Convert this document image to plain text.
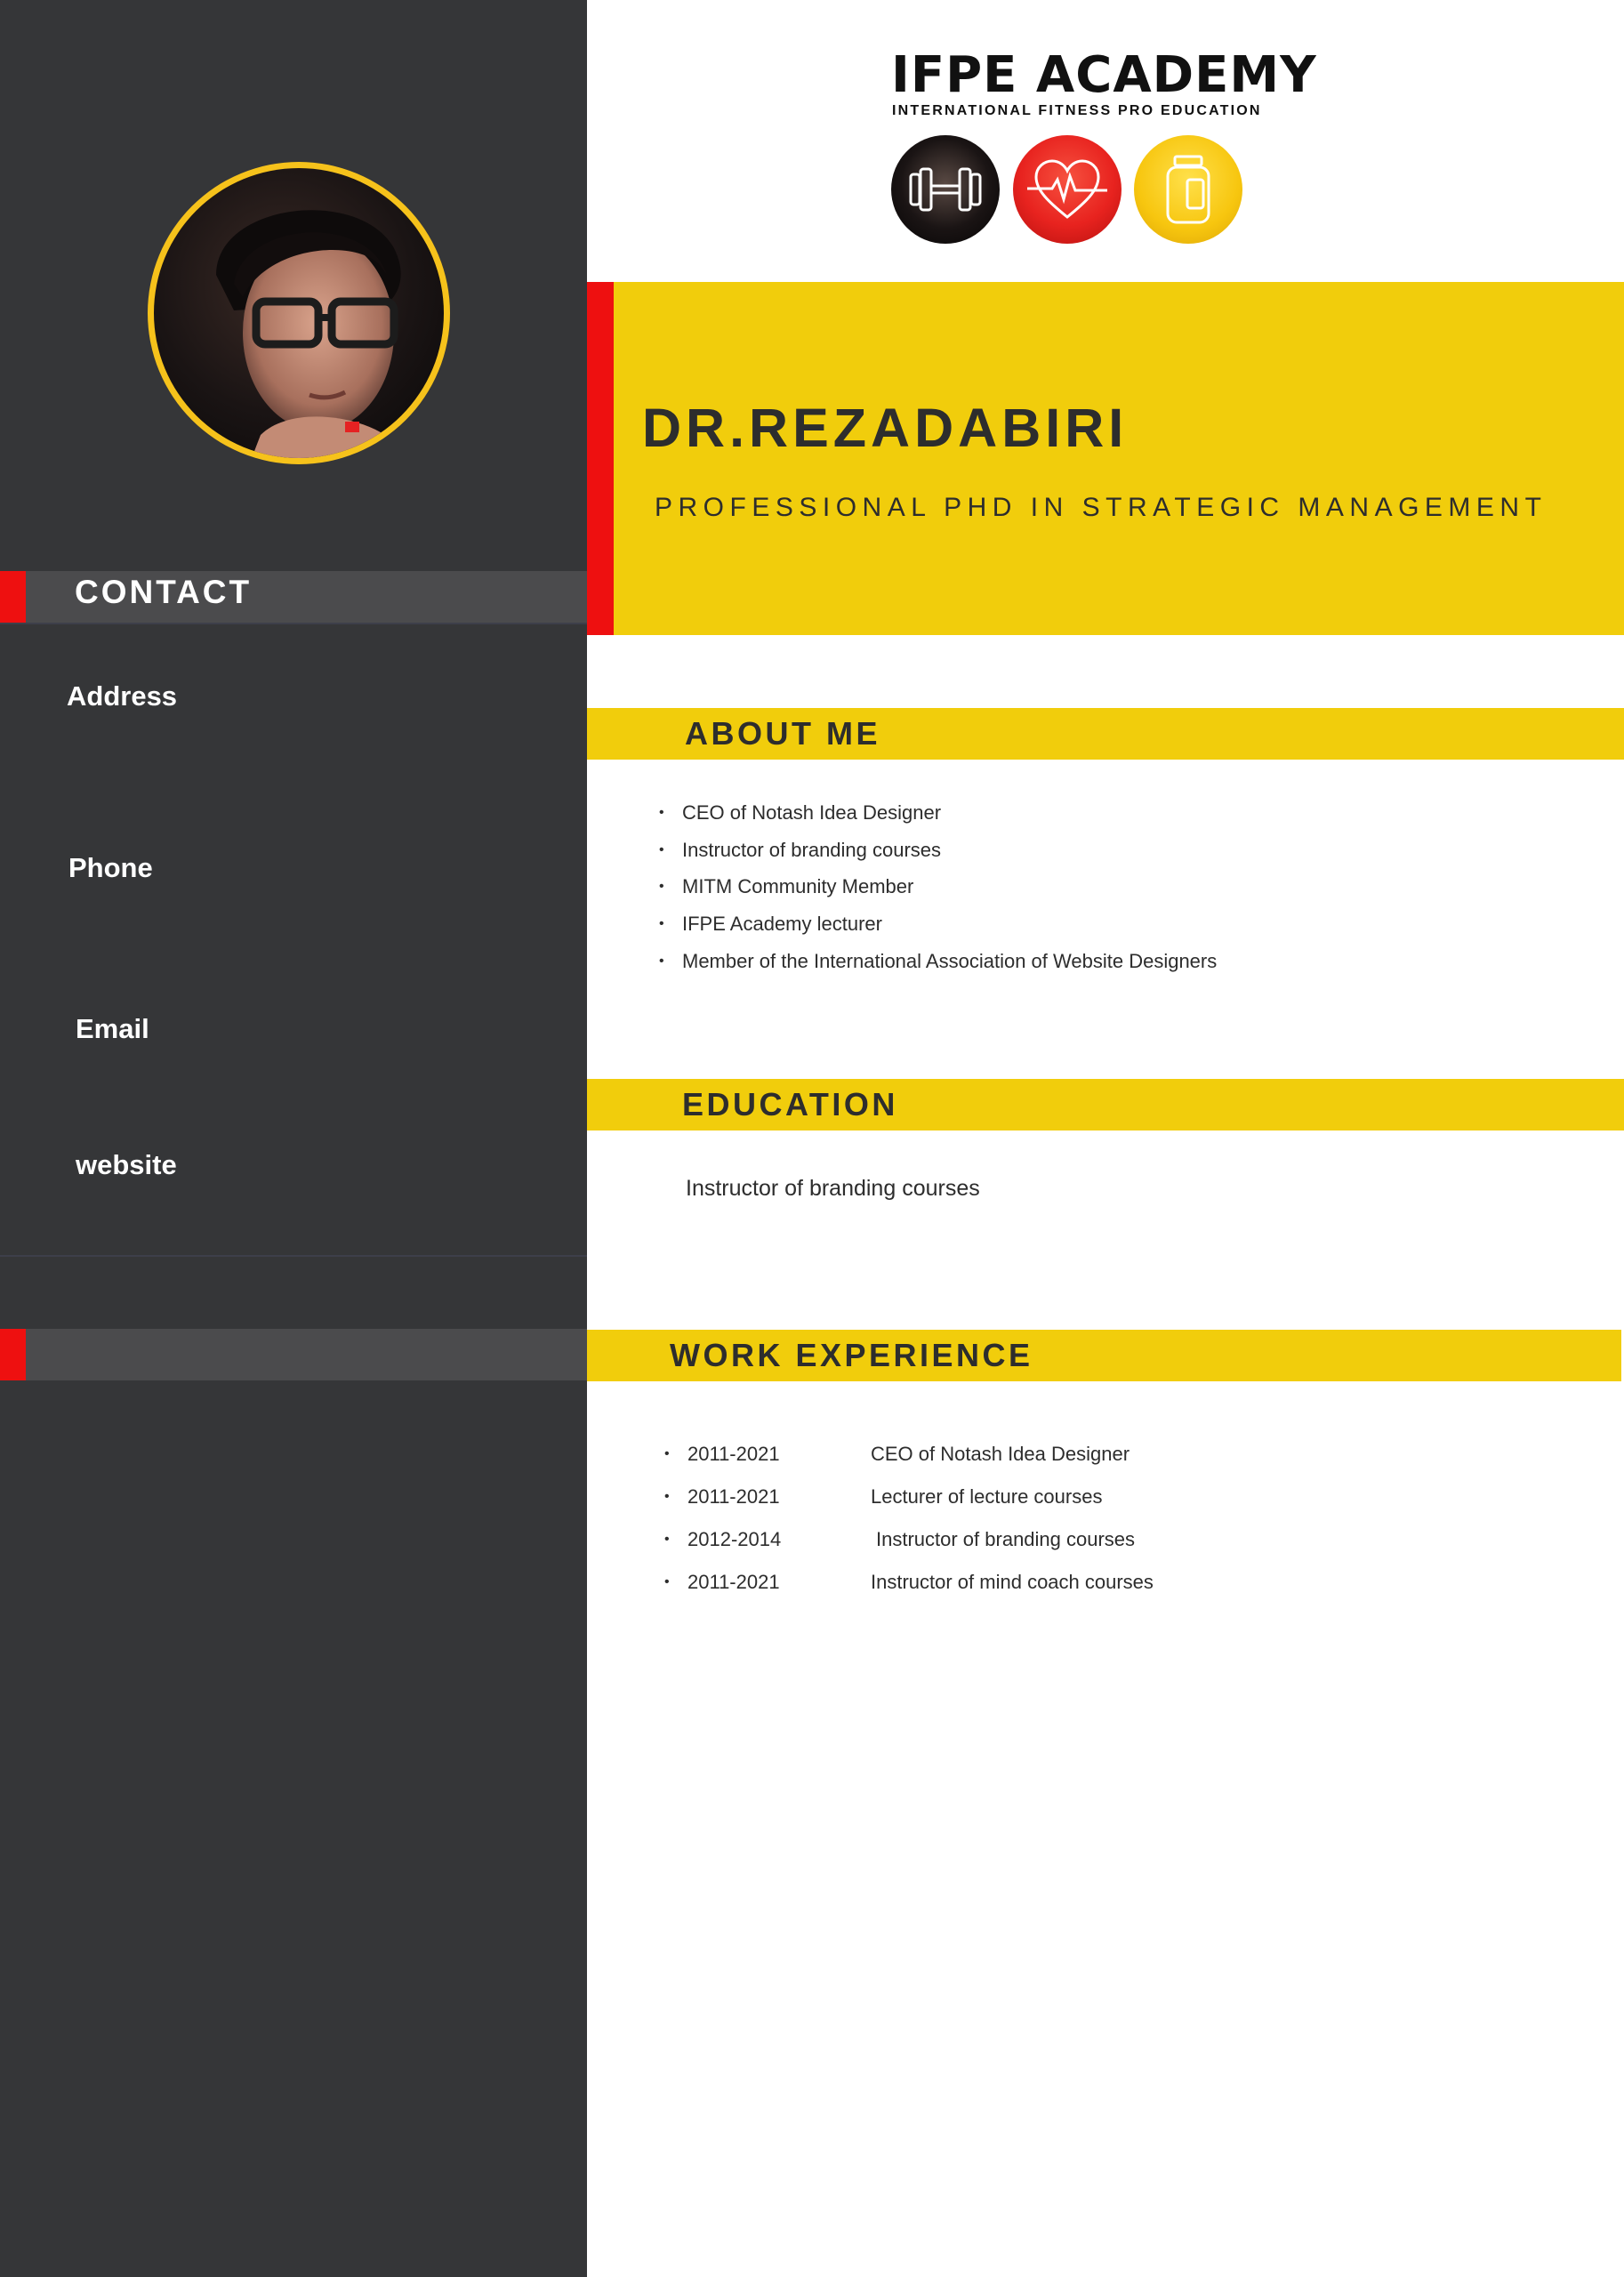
CONTACT
Address
Phone
Email
website
IFPE ACADEMY
INTERNATIONAL FITNESS PRO EDUCATION
DR.REZADABIRI
PROFESSIONAL PHD IN STRATEGIC MANAGEMENT
ABOUT ME
• CEO of Notash Idea Designer
• Instructor of branding courses
• MITM Community Member
• IFPE Academy lecturer
• Member of the International Association of Website Designers
EDUCATION
Instructor of branding courses
WORK EXPERIENCE
• 2011-2021	CEO of Notash Idea Designer
• 2011-2021	Lecturer of lecture courses
• 2012-2014	Instructor of branding courses
• 2011-2021	Instructor of mind coach courses
